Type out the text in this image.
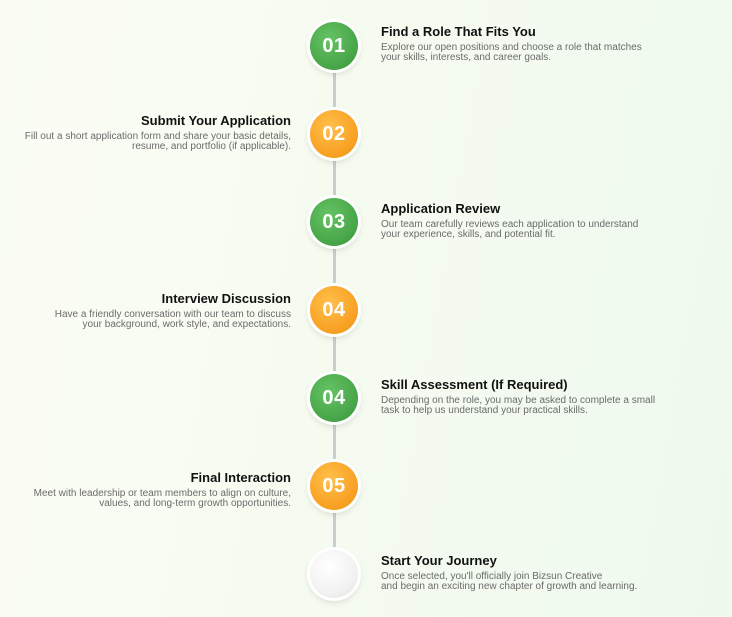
01
Find a Role That Fits You

Explore our open positions and choose a role that matches
your skills, interests, and career goals.

02
Submit Your Application

Fill out a short application form and share your basic details,
resume, and portfolio (if applicable).

03
Application Review

Our team carefully reviews each application to understand
your experience, skills, and potential fit.

04
Interview Discussion

Have a friendly conversation with our team to discuss
your background, work style, and expectations.

04
Skill Assessment (If Required)

Depending on the role, you may be asked to complete a small
task to help us understand your practical skills.

05
Final Interaction

Meet with leadership or team members to align on culture,
values, and long-term growth opportunities.

Start Your Journey

Once selected, you'll officially join Bizsun Creative
and begin an exciting new chapter of growth and learning.
